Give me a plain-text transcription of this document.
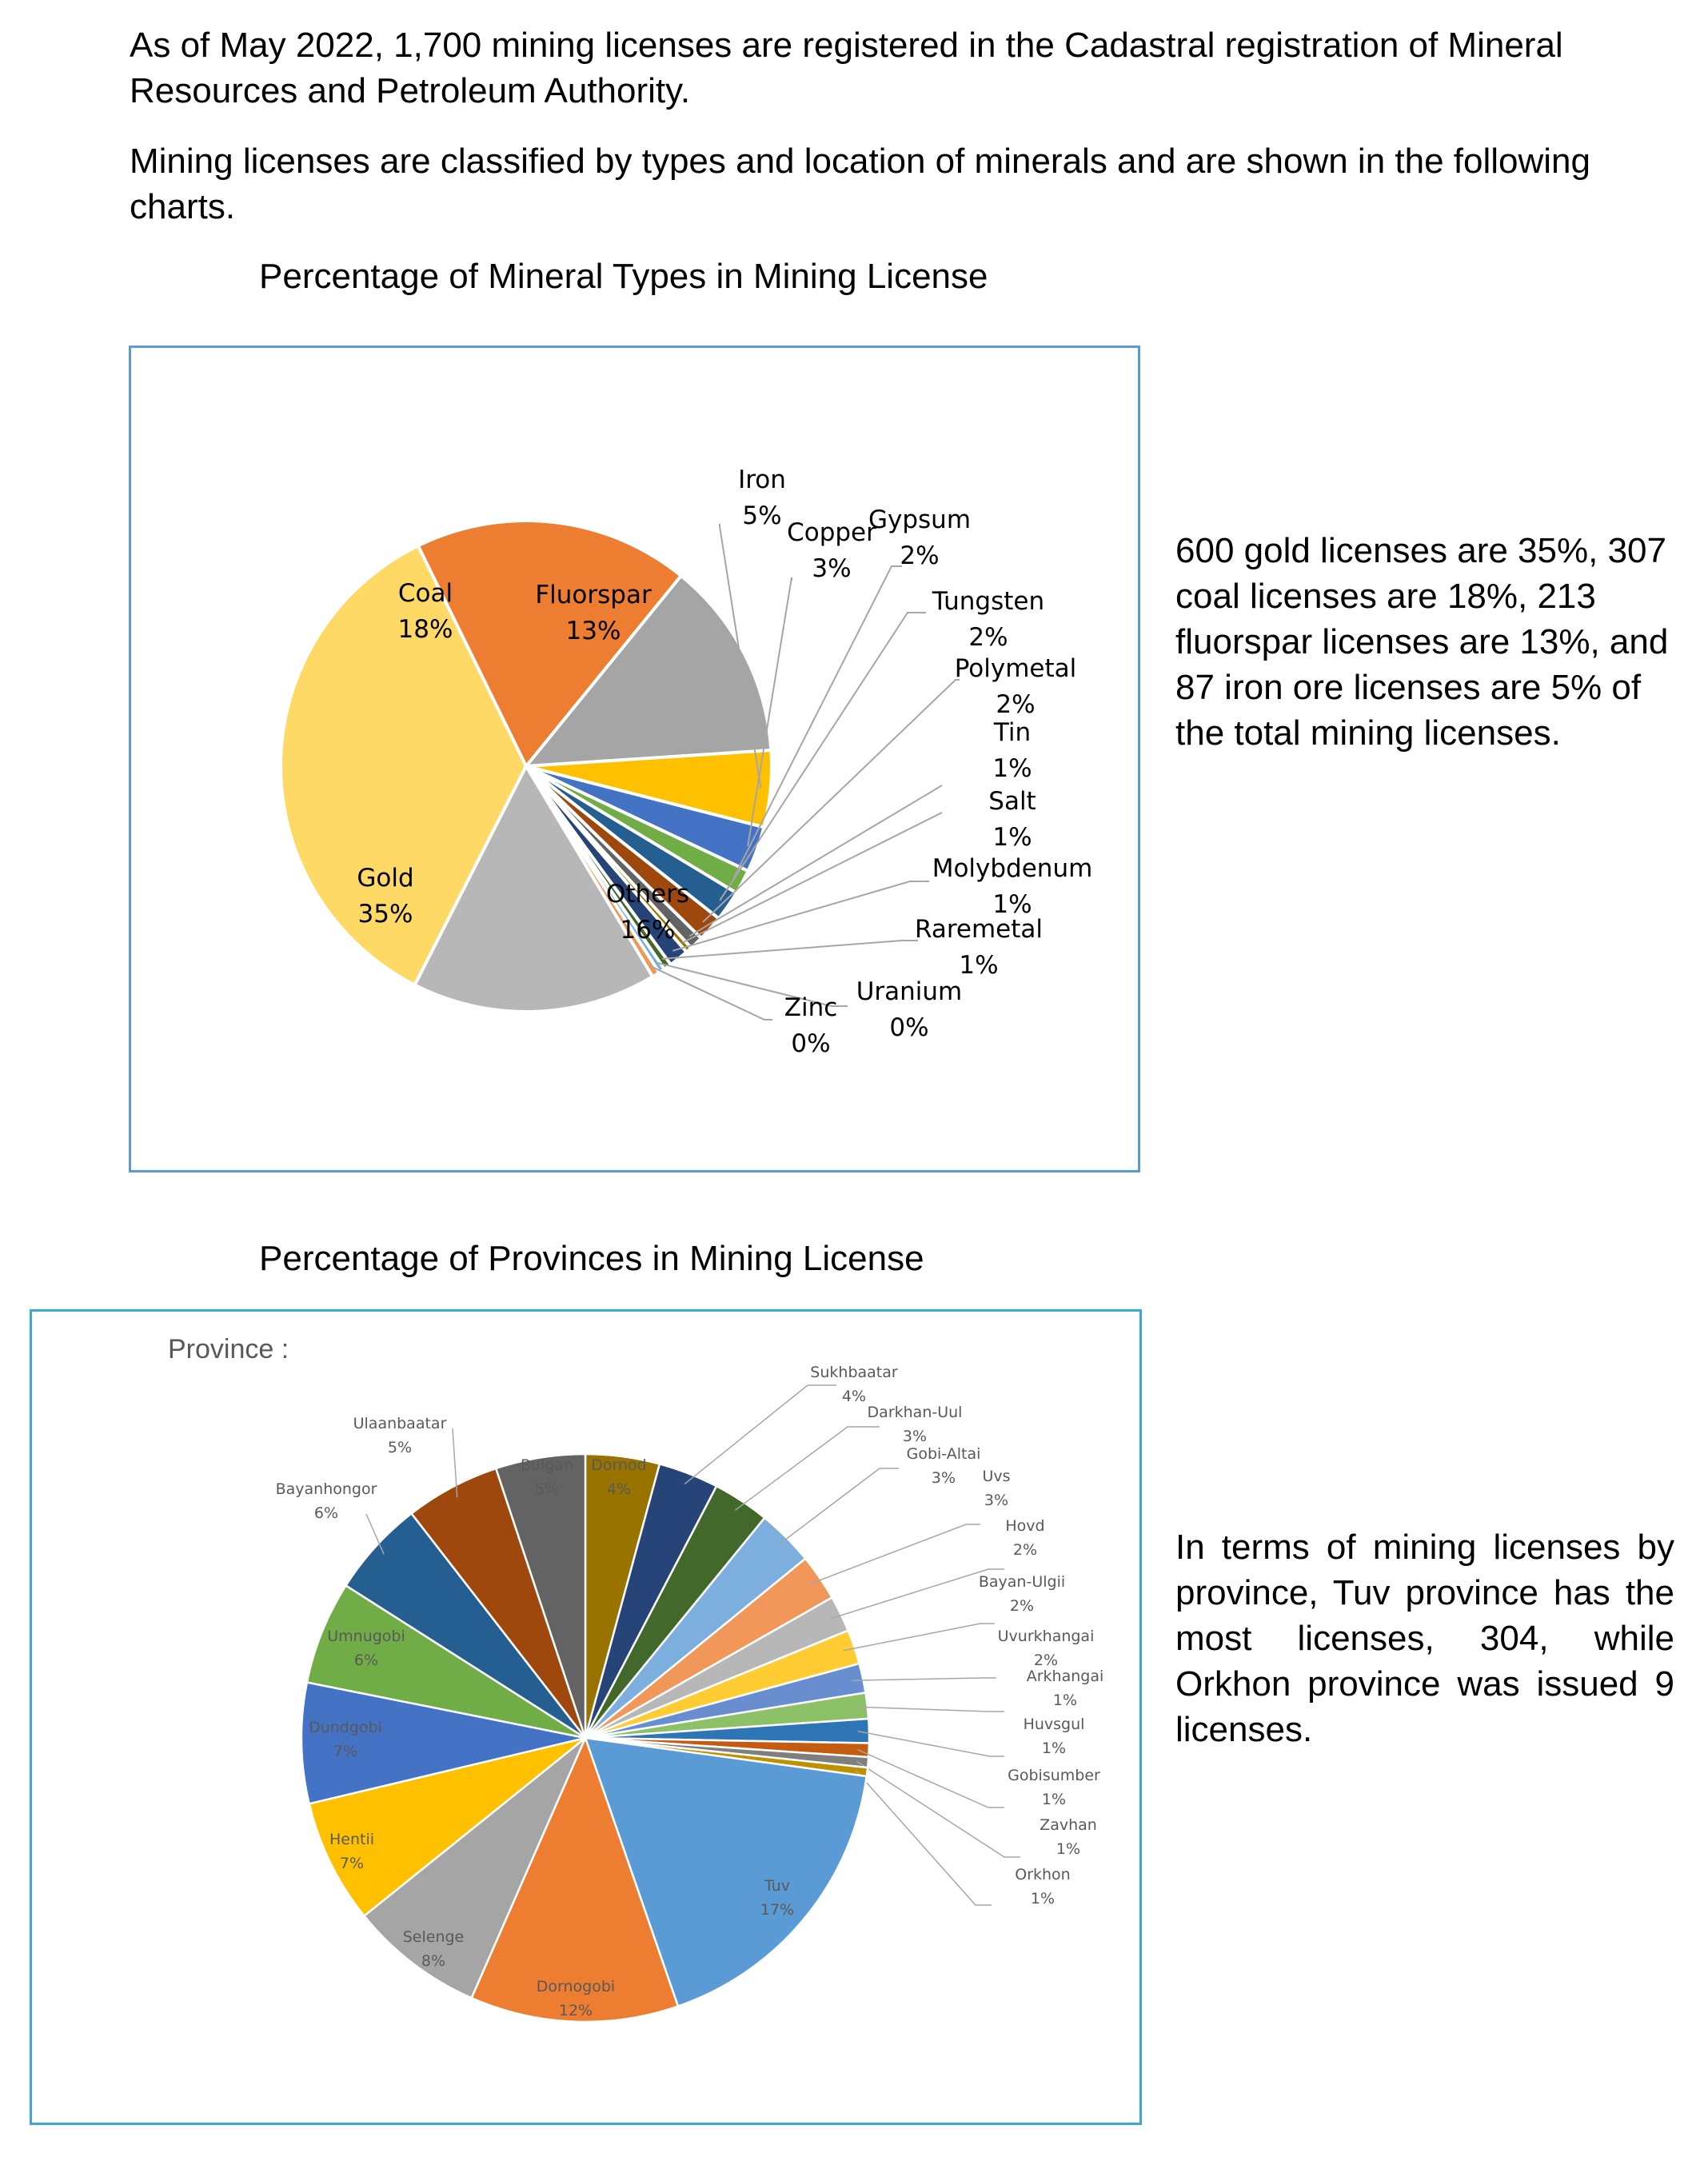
As of May 2022, 1,700 mining licenses are registered in the Cadastral registration of Mineral Resources and Petroleum Authority.

Mining licenses are classified by types and location of minerals and are shown in the following charts.

Percentage of Mineral Types in Mining License

600 gold licenses are 35%, 307 coal licenses are 18%, 213 fluorspar licenses are 13%, and 87 iron ore licenses are 5% of the total mining licenses.

Percentage of Provinces in Mining License

Province :

In terms of mining licenses by province, Tuv province has the most licenses, 304, while Orkhon province was issued 9 licenses.

Gold
35%
Coal
18%
Fluorspar
13%
Iron
5%
Copper
3%
Gypsum
2%
Tungsten
2%
Polymetal
2%
Tin
1%
Salt
1%
Molybdenum
1%
Raremetal
1%
Uranium
0%
Zinc
0%
Others
16%
Dornod
4%
Sukhbaatar
4%
Darkhan-Uul
3%
Gobi-Altai
3% Uvs
3%
Hovd
2%
Bayan-Ulgii
2%
Uvurkhangai
2%
Arkhangai
1%
Huvsgul
1%
Gobisumber
1%
Zavhan
1%
Orkhon
1%
Tuv
17%
Dornogobi
12%
Selenge
8%
Hentii
7%
Dundgobi
7%
Umnugobi
6%
Bayanhongor
6%
Ulaanbaatar
5%
Bulgan
5%
